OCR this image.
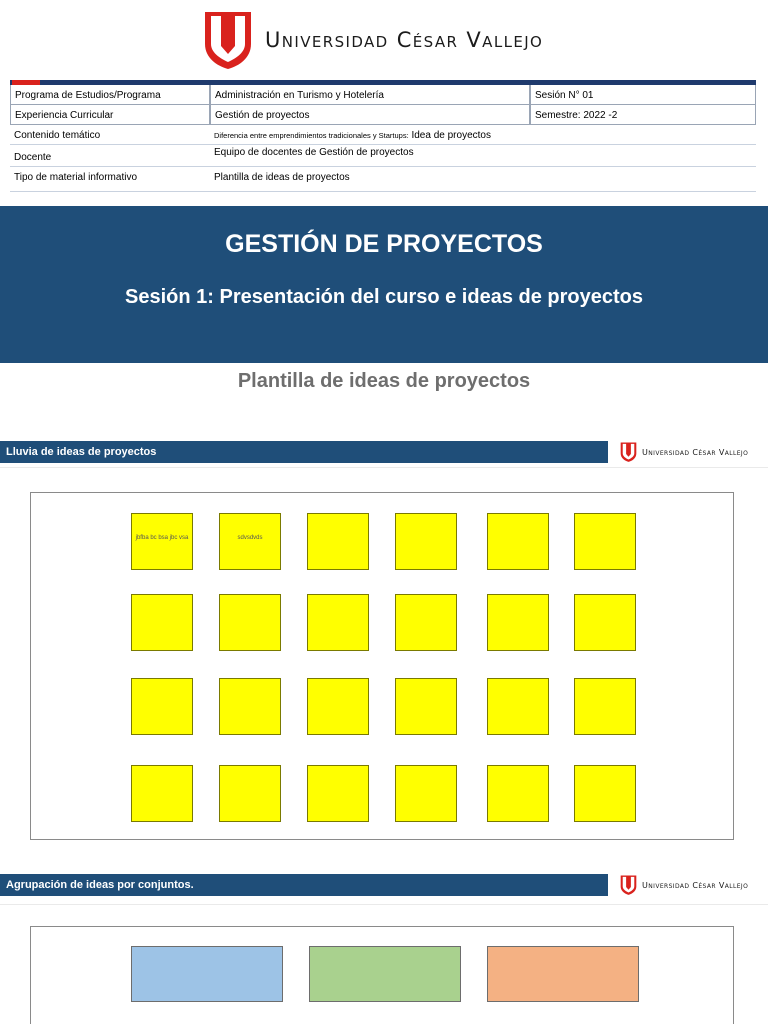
Universidad César Vallejo
Programa de Estudios/Programa	Administración en Turismo y Hotelería	Sesión N° 01
Experiencia Curricular	Gestión de proyectos	Semestre: 2022 -2
Contenido temático	Diferencia entre emprendimientos tradicionales y Startups: Idea de proyectos
Docente	Equipo de docentes de Gestión de proyectos
Tipo de material informativo	Plantilla de ideas de proyectos
GESTIÓN DE PROYECTOS
Sesión 1: Presentación del curso e ideas de proyectos
Plantilla de ideas de proyectos
Lluvia de ideas de proyectos	Universidad César Vallejo
jbfbа bc bsa jbc vsa	sdvsdvds
Agrupación de ideas por conjuntos.	Universidad César Vallejo
